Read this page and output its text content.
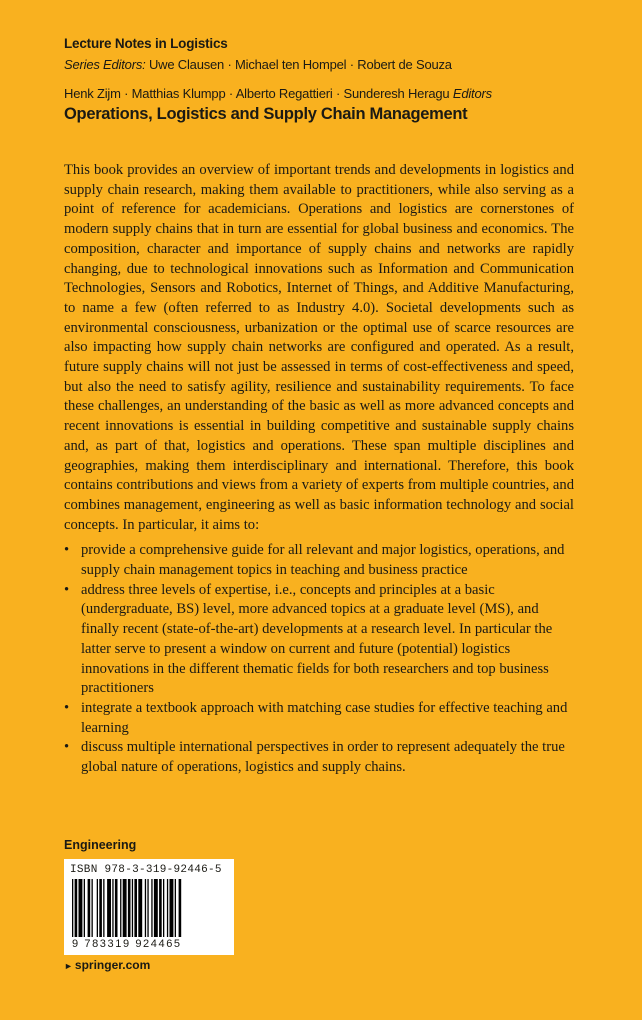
Lecture Notes in Logistics
Series Editors: Uwe Clausen · Michael ten Hompel · Robert de Souza
Henk Zijm · Matthias Klumpp · Alberto Regattieri · Sunderesh Heragu Editors
Operations, Logistics and Supply Chain Management

This book provides an overview of important trends and developments in logistics and supply chain research, making them available to practitioners, while also serving as a point of reference for academicians. Operations and logistics are cornerstones of modern supply chains that in turn are essential for global business and economics. The composition, character and importance of supply chains and networks are rapidly changing, due to technological innovations such as Information and Communication Technologies, Sensors and Robotics, Internet of Things, and Additive Manufacturing, to name a few (often referred to as Industry 4.0). Societal developments such as environmental consciousness, urbanization or the optimal use of scarce resources are also impacting how supply chain networks are configured and operated. As a result, future supply chains will not just be assessed in terms of cost-effectiveness and speed, but also the need to satisfy agility, resilience and sustainability requirements. To face these challenges, an understanding of the basic as well as more advanced concepts and recent innovations is essential in building competitive and sustainable supply chains and, as part of that, logistics and operations. These span multiple disciplines and geographies, making them interdisciplinary and international. Therefore, this book contains contributions and views from a variety of experts from multiple countries, and combines management, engineering as well as basic information technology and social concepts. In particular, it aims to:

• provide a comprehensive guide for all relevant and major logistics, operations, and supply chain management topics in teaching and business practice
• address three levels of expertise, i.e., concepts and principles at a basic (undergraduate, BS) level, more advanced topics at a graduate level (MS), and finally recent (state-of-the-art) developments at a research level. In particular the latter serve to present a window on current and future (potential) logistics innovations in the different thematic fields for both researchers and top business practitioners
• integrate a textbook approach with matching case studies for effective teaching and learning
• discuss multiple international perspectives in order to represent adequately the true global nature of operations, logistics and supply chains.
Engineering
ISBN 978-3-319-92446-5
9 783319 924465
► springer.com
